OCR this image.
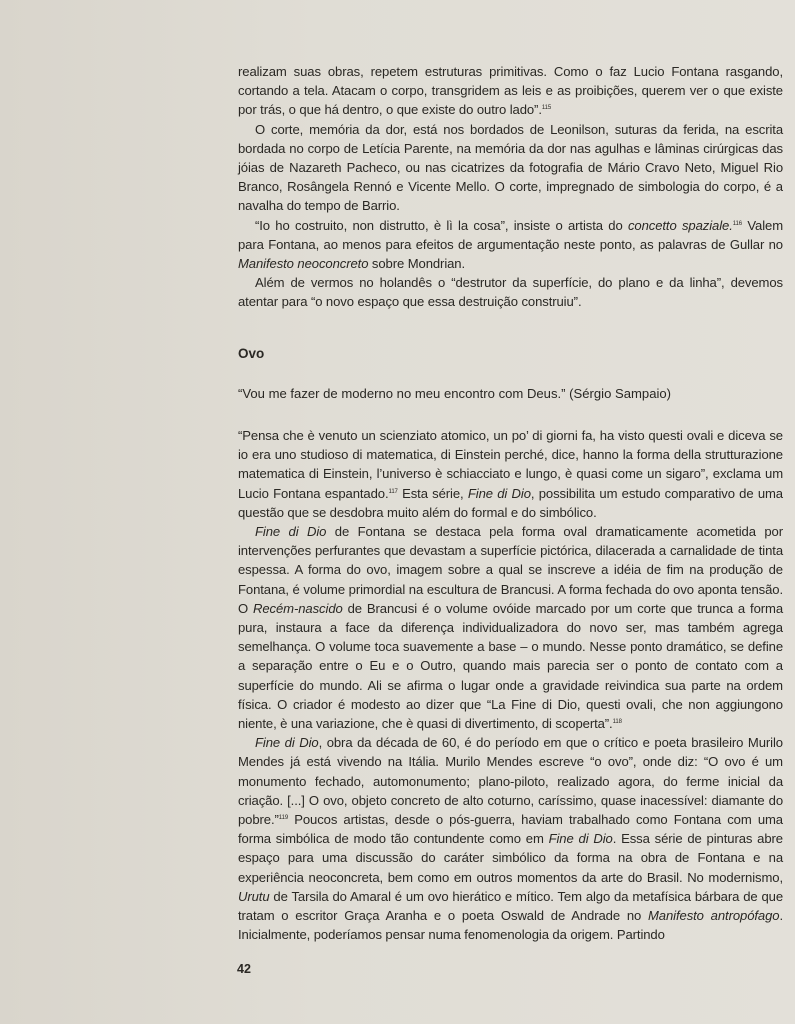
realizam suas obras, repetem estruturas primitivas. Como o faz Lucio Fontana rasgando, cortando a tela. Atacam o corpo, transgridem as leis e as proibições, querem ver o que existe por trás, o que há dentro, o que existe do outro lado”.$^{115}$

O corte, memória da dor, está nos bordados de Leonilson, suturas da ferida, na escrita bordada no corpo de Letícia Parente, na memória da dor nas agulhas e lâminas cirúrgicas das jóias de Nazareth Pacheco, ou nas cicatrizes da fotografia de Mário Cravo Neto, Miguel Rio Branco, Rosângela Rennó e Vicente Mello. O corte, impregnado de simbologia do corpo, é a navalha do tempo de Barrio.

“Io ho costruito, non distrutto, è lì la cosa”, insiste o artista do concetto spaziale.$^{116}$ Valem para Fontana, ao menos para efeitos de argumentação neste ponto, as palavras de Gullar no Manifesto neoconcreto sobre Mondrian.

Além de vermos no holandês o “destrutor da superfície, do plano e da linha”, devemos atentar para “o novo espaço que essa destruição construiu”.

Ovo

“Vou me fazer de moderno no meu encontro com Deus.” (Sérgio Sampaio)

“Pensa che è venuto un scienziato atomico, un po’ di giorni fa, ha visto questi ovali e diceva se io era uno studioso di matematica, di Einstein perché, dice, hanno la forma della strutturazione matematica di Einstein, l’universo è schiacciato e lungo, è quasi come un sigaro”, exclama um Lucio Fontana espantado.$^{117}$ Esta série, Fine di Dio, possibilita um estudo comparativo de uma questão que se desdobra muito além do formal e do simbólico.

Fine di Dio de Fontana se destaca pela forma oval dramaticamente acometida por intervenções perfurantes que devastam a superfície pictórica, dilacerada a carnalidade de tinta espessa. A forma do ovo, imagem sobre a qual se inscreve a idéia de fim na produção de Fontana, é volume primordial na escultura de Brancusi. A forma fechada do ovo aponta tensão. O Recém-nascido de Brancusi é o volume ovóide marcado por um corte que trunca a forma pura, instaura a face da diferença individualizadora do novo ser, mas também agrega semelhança. O volume toca suavemente a base – o mundo. Nesse ponto dramático, se define a separação entre o Eu e o Outro, quando mais parecia ser o ponto de contato com a superfície do mundo. Ali se afirma o lugar onde a gravidade reivindica sua parte na ordem física. O criador é modesto ao dizer que “La Fine di Dio, questi ovali, che non aggiungono niente, è una variazione, che è quasi di divertimento, di scoperta”.$^{118}$

Fine di Dio, obra da década de 60, é do período em que o crítico e poeta brasileiro Murilo Mendes já está vivendo na Itália. Murilo Mendes escreve “o ovo”, onde diz: “O ovo é um monumento fechado, automonumento; plano-piloto, realizado agora, do ferme inicial da criação. [...] O ovo, objeto concreto de alto coturno, caríssimo, quase inacessível: diamante do pobre.”$^{119}$ Poucos artistas, desde o pós-guerra, haviam trabalhado como Fontana com uma forma simbólica de modo tão contundente como em Fine di Dio. Essa série de pinturas abre espaço para uma discussão do caráter simbólico da forma na obra de Fontana e na experiência neoconcreta, bem como em outros momentos da arte do Brasil. No modernismo, Urutu de Tarsila do Amaral é um ovo hierático e mítico. Tem algo da metafísica bárbara de que tratam o escritor Graça Aranha e o poeta Oswald de Andrade no Manifesto antropófago. Inicialmente, poderíamos pensar numa fenomenologia da origem. Partindo

42
